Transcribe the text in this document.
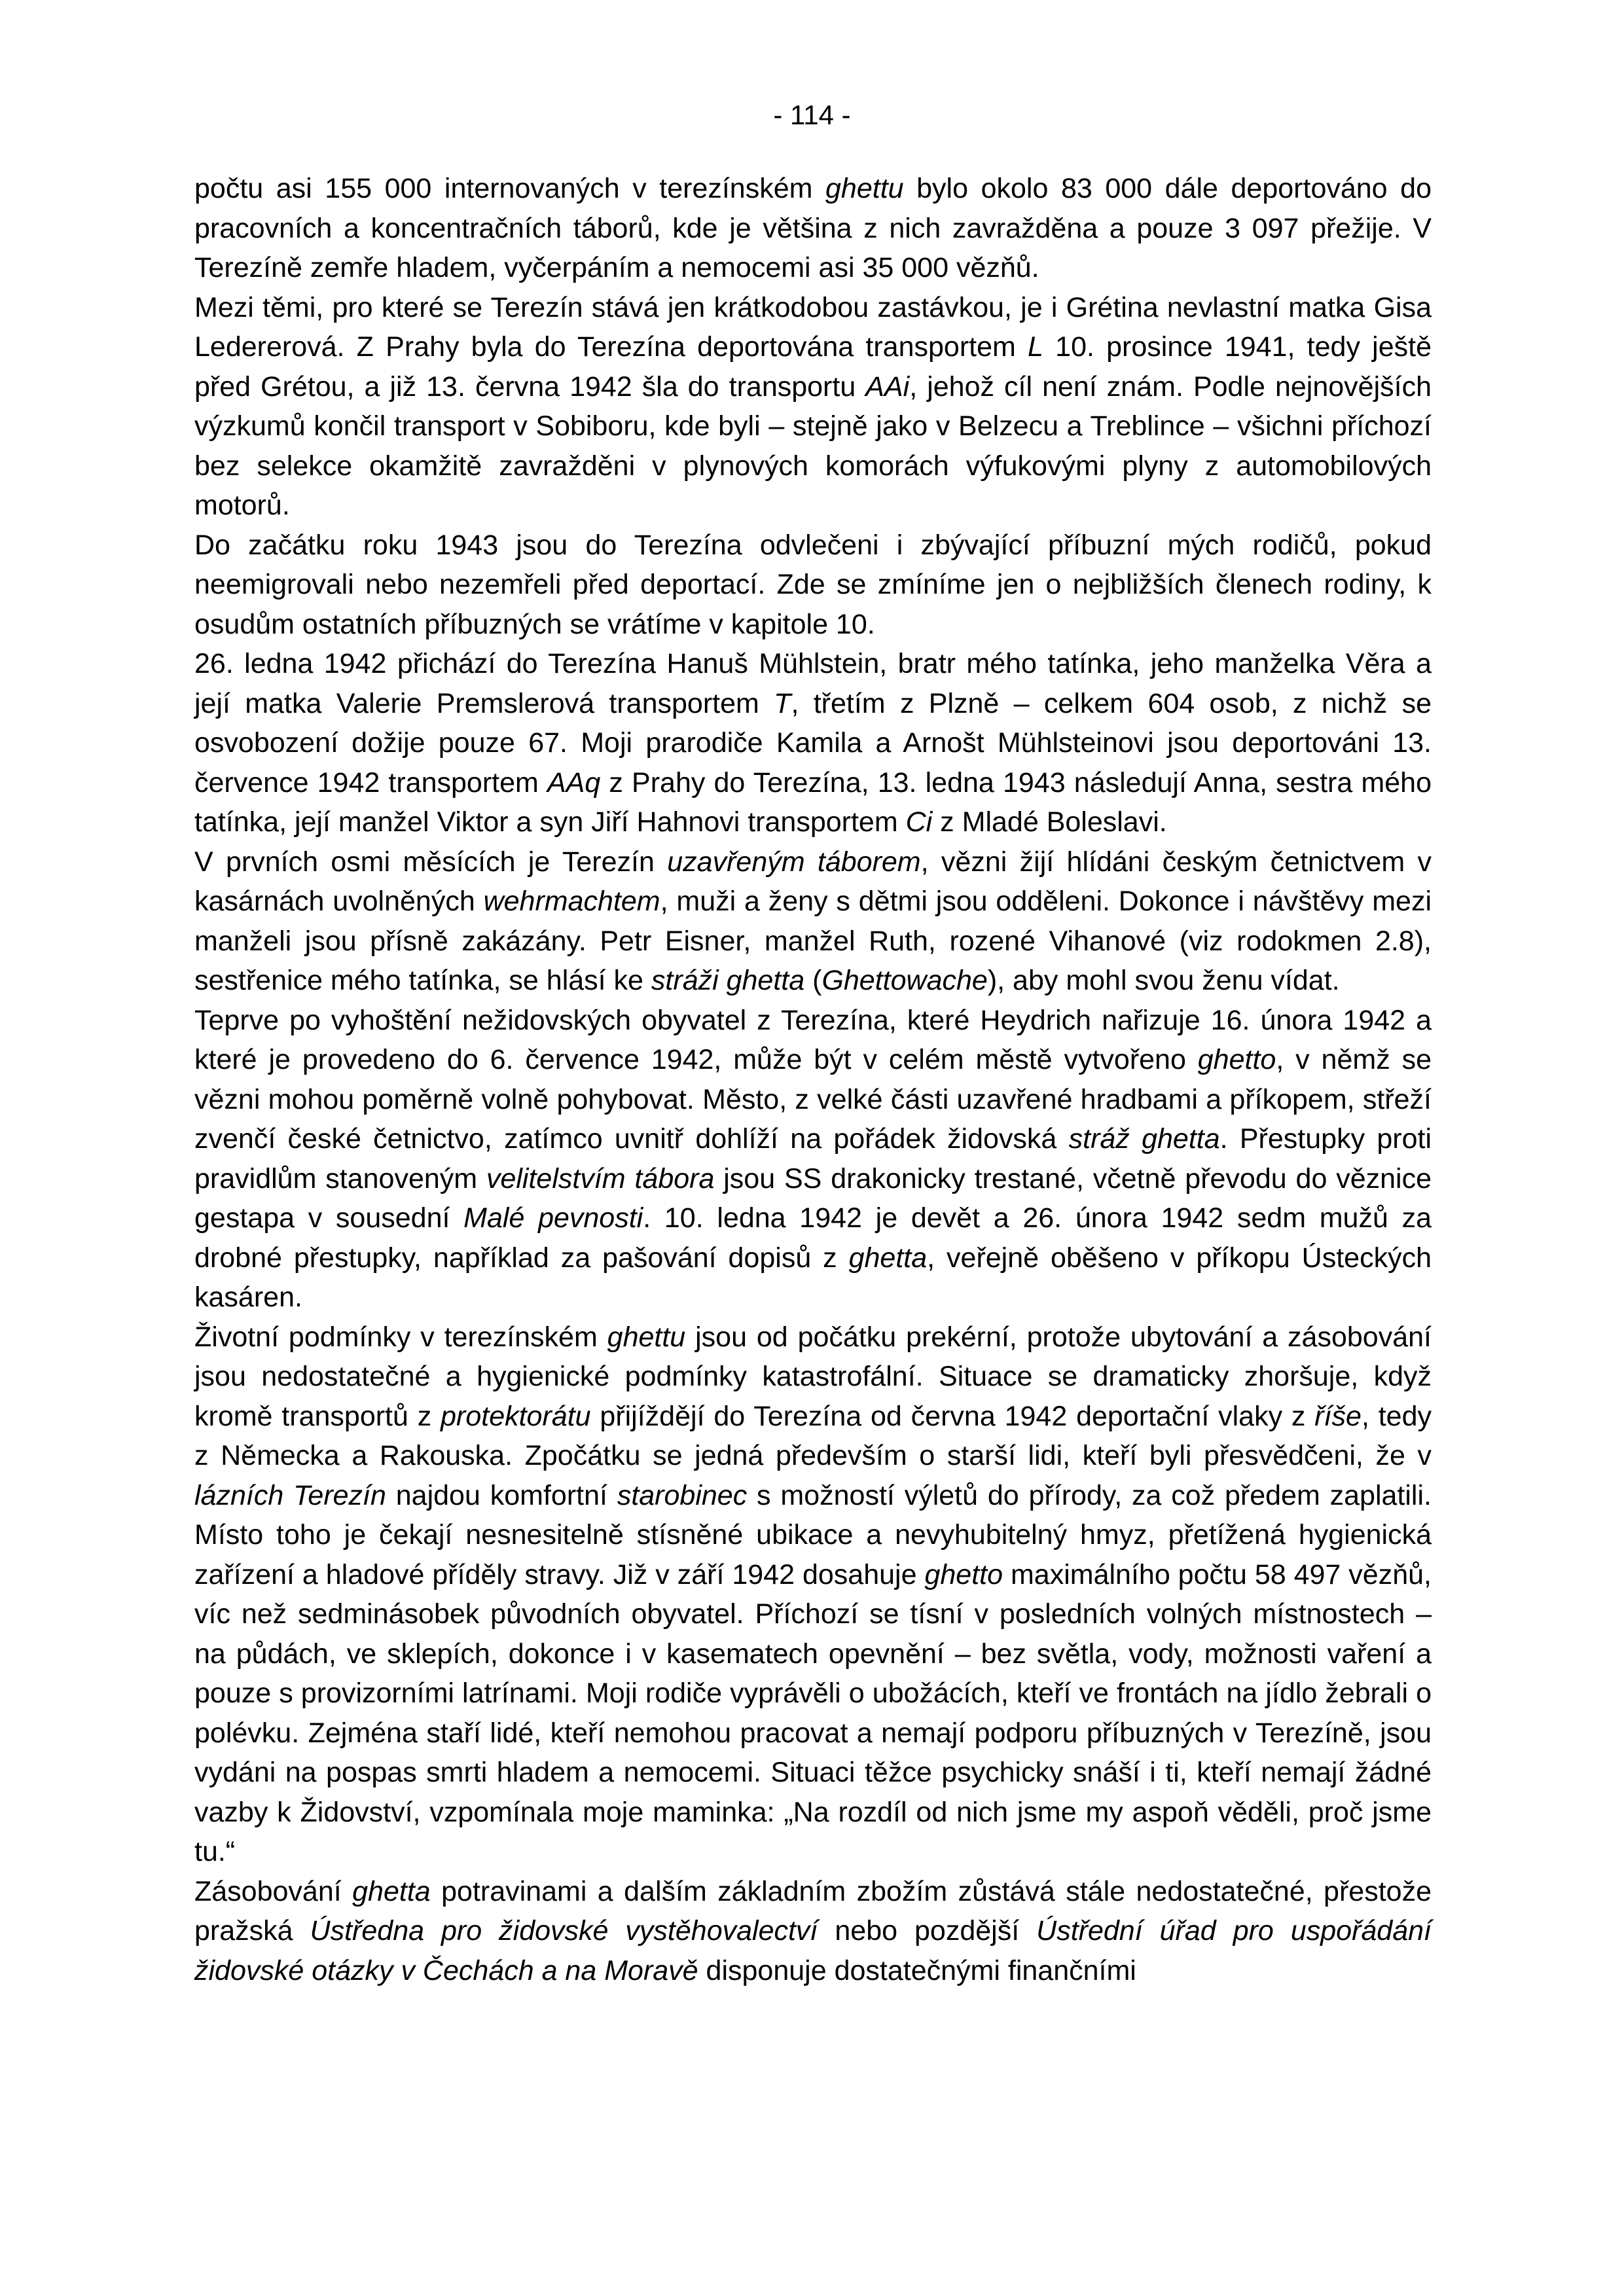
- 114 -

počtu asi 155 000 internovaných v terezínském ghettu bylo okolo 83 000 dále deportováno do pracovních a koncentračních táborů, kde je většina z nich zavražděna a pouze 3 097 přežije. V Terezíně zemře hladem, vyčerpáním a nemocemi asi 35 000 vězňů.

Mezi těmi, pro které se Terezín stává jen krátkodobou zastávkou, je i Grétina nevlastní matka Gisa Ledererová. Z Prahy byla do Terezína deportována transportem L 10. prosince 1941, tedy ještě před Grétou, a již 13. června 1942 šla do transportu AAi, jehož cíl není znám. Podle nejnovějších výzkumů končil transport v Sobiboru, kde byli – stejně jako v Belzecu a Treblince – všichni příchozí bez selekce okamžitě zavražděni v plynových komorách výfukovými plyny z automobilových motorů.

Do začátku roku 1943 jsou do Terezína odvlečeni i zbývající příbuzní mých rodičů, pokud neemigrovali nebo nezemřeli před deportací. Zde se zmíníme jen o nejbližších členech rodiny, k osudům ostatních příbuzných se vrátíme v kapitole 10.

26. ledna 1942 přichází do Terezína Hanuš Mühlstein, bratr mého tatínka, jeho manželka Věra a její matka Valerie Premslerová transportem T, třetím z Plzně – celkem 604 osob, z nichž se osvobození dožije pouze 67. Moji prarodiče Kamila a Arnošt Mühlsteinovi jsou deportováni 13. července 1942 transportem AAq z Prahy do Terezína, 13. ledna 1943 následují Anna, sestra mého tatínka, její manžel Viktor a syn Jiří Hahnovi transportem Ci z Mladé Boleslavi.

V prvních osmi měsících je Terezín uzavřeným táborem, vězni žijí hlídáni českým četnictvem v kasárnách uvolněných wehrmachtem, muži a ženy s dětmi jsou odděleni. Dokonce i návštěvy mezi manželi jsou přísně zakázány. Petr Eisner, manžel Ruth, rozené Vihanové (viz rodokmen 2.8), sestřenice mého tatínka, se hlásí ke stráži ghetta (Ghettowache), aby mohl svou ženu vídat.

Teprve po vyhoštění nežidovských obyvatel z Terezína, které Heydrich nařizuje 16. února 1942 a které je provedeno do 6. července 1942, může být v celém městě vytvořeno ghetto, v němž se vězni mohou poměrně volně pohybovat. Město, z velké části uzavřené hradbami a příkopem, střeží zvenčí české četnictvo, zatímco uvnitř dohlíží na pořádek židovská stráž ghetta. Přestupky proti pravidlům stanoveným velitelstvím tábora jsou SS drakonicky trestané, včetně převodu do věznice gestapa v sousední Malé pevnosti. 10. ledna 1942 je devět a 26. února 1942 sedm mužů za drobné přestupky, například za pašování dopisů z ghetta, veřejně oběšeno v příkopu Ústeckých kasáren.

Životní podmínky v terezínském ghettu jsou od počátku prekérní, protože ubytování a zásobování jsou nedostatečné a hygienické podmínky katastrofální. Situace se dramaticky zhoršuje, když kromě transportů z protektorátu přijíždějí do Terezína od června 1942 deportační vlaky z říše, tedy z Německa a Rakouska. Zpočátku se jedná především o starší lidi, kteří byli přesvědčeni, že v lázních Terezín najdou komfortní starobinec s možností výletů do přírody, za což předem zaplatili. Místo toho je čekají nesnesitelně stísněné ubikace a nevyhubitelný hmyz, přetížená hygienická zařízení a hladové příděly stravy. Již v září 1942 dosahuje ghetto maximálního počtu 58 497 vězňů, víc než sedminásobek původních obyvatel. Příchozí se tísní v posledních volných místnostech – na půdách, ve sklepích, dokonce i v kasematech opevnění – bez světla, vody, možnosti vaření a pouze s provizorními latrínami. Moji rodiče vyprávěli o ubožácích, kteří ve frontách na jídlo žebrali o polévku. Zejména staří lidé, kteří nemohou pracovat a nemají podporu příbuzných v Terezíně, jsou vydáni na pospas smrti hladem a nemocemi. Situaci těžce psychicky snáší i ti, kteří nemají žádné vazby k Židovství, vzpomínala moje maminka: „Na rozdíl od nich jsme my aspoň věděli, proč jsme tu.“

Zásobování ghetta potravinami a dalším základním zbožím zůstává stále nedostatečné, přestože pražská Ústředna pro židovské vystěhovalectví nebo pozdější Ústřední úřad pro uspořádání židovské otázky v Čechách a na Moravě disponuje dostatečnými finančními
